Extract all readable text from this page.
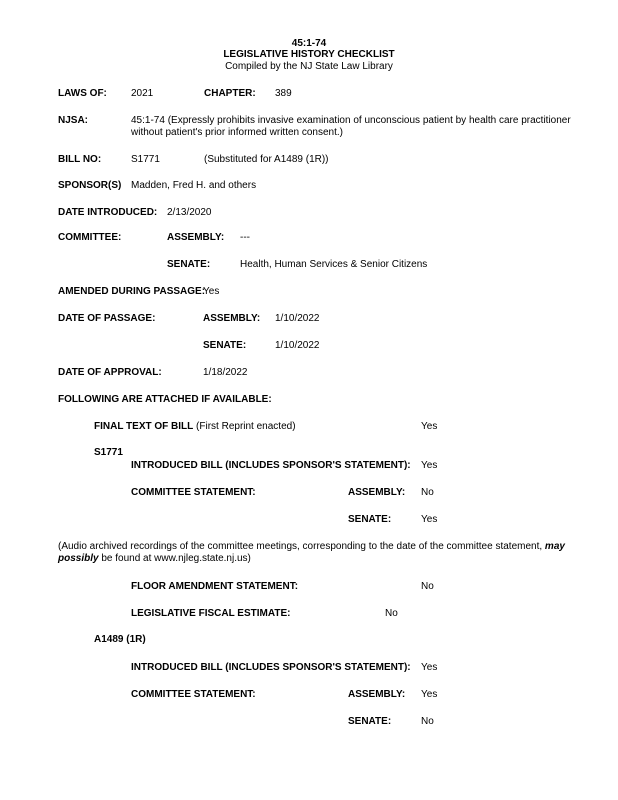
45:1-74
LEGISLATIVE HISTORY CHECKLIST
Compiled by the NJ State Law Library
LAWS OF: 2021	CHAPTER: 389
NJSA:	45:1-74 (Expressly prohibits invasive examination of unconscious patient by health care practitioner
without patient's prior informed written consent.)
BILL NO:	S1771	(Substituted for A1489 (1R))
SPONSOR(S) Madden, Fred H. and others
DATE INTRODUCED: 2/13/2020
COMMITTEE:	ASSEMBLY: ---
SENATE:	Health, Human Services & Senior Citizens
AMENDED DURING PASSAGE:
Yes
DATE OF PASSAGE:	ASSEMBLY: 1/10/2022
SENATE:	1/10/2022
DATE OF APPROVAL:	1/18/2022
FOLLOWING ARE ATTACHED IF AVAILABLE:
FINAL TEXT OF BILL (First Reprint enacted)	Yes
S1771
INTRODUCED BILL (INCLUDES SPONSOR'S STATEMENT): Yes
COMMITTEE STATEMENT:	ASSEMBLY: No
SENATE:	Yes
(Audio archived recordings of the committee meetings, corresponding to the date of the committee statement, may
possibly be found at www.njleg.state.nj.us)
FLOOR AMENDMENT STATEMENT:	No
LEGISLATIVE FISCAL ESTIMATE:	No
A1489 (1R)
INTRODUCED BILL (INCLUDES SPONSOR'S STATEMENT): Yes
COMMITTEE STATEMENT:	ASSEMBLY: Yes
SENATE:	No
